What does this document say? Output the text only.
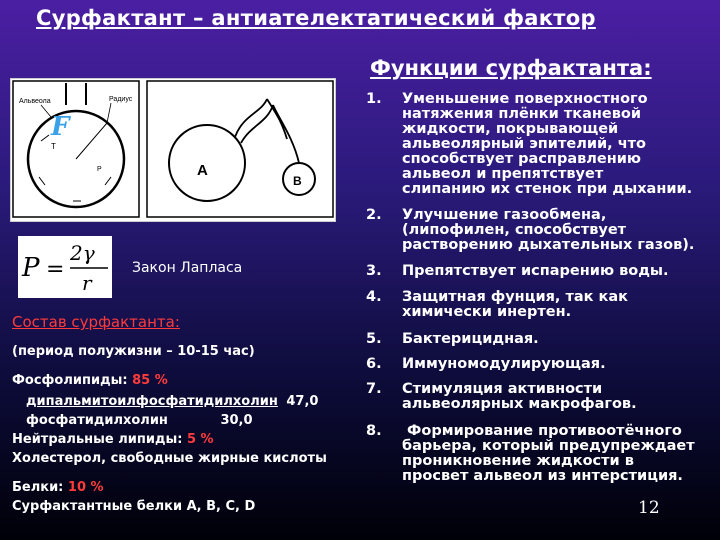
Сурфактант – антиателектатический фактор
Функции сурфактанта:
Альвеола	Радиус
T
P
F
A
B
P =
2γ
r
Закон Лапласа
Состав сурфактанта:
(период полужизни – 10-15 час)
Фосфолипиды: 85 %
дипальмитоилфосфатидилхолин 47,0
фосфатидилхолин	30,0
Нейтральные липиды: 5 %
Холестерол, свободные жирные кислоты
Белки: 10 %
Сурфактантные белки А, В, С, D
1.	Уменьшение поверхностного
натяжения плёнки тканевой
жидкости, покрывающей
альвеолярный эпителий, что
способствует расправлению
альвеол и препятствует
слипанию их стенок при дыхании.
2.	Улучшение газообмена,
(липофилен, способствует
растворению дыхательных газов).
3.	Препятствует испарению воды.
4.	Защитная фунция, так как
химически инертен.
5.	Бактерицидная.
6.	Иммуномодулирующая.
7.	Стимуляция активности
альвеолярных макрофагов.
8.	Формирование противоотёчного
барьера, который предупреждает
проникновение жидкости в
просвет альвеол из интерстиция.
12
